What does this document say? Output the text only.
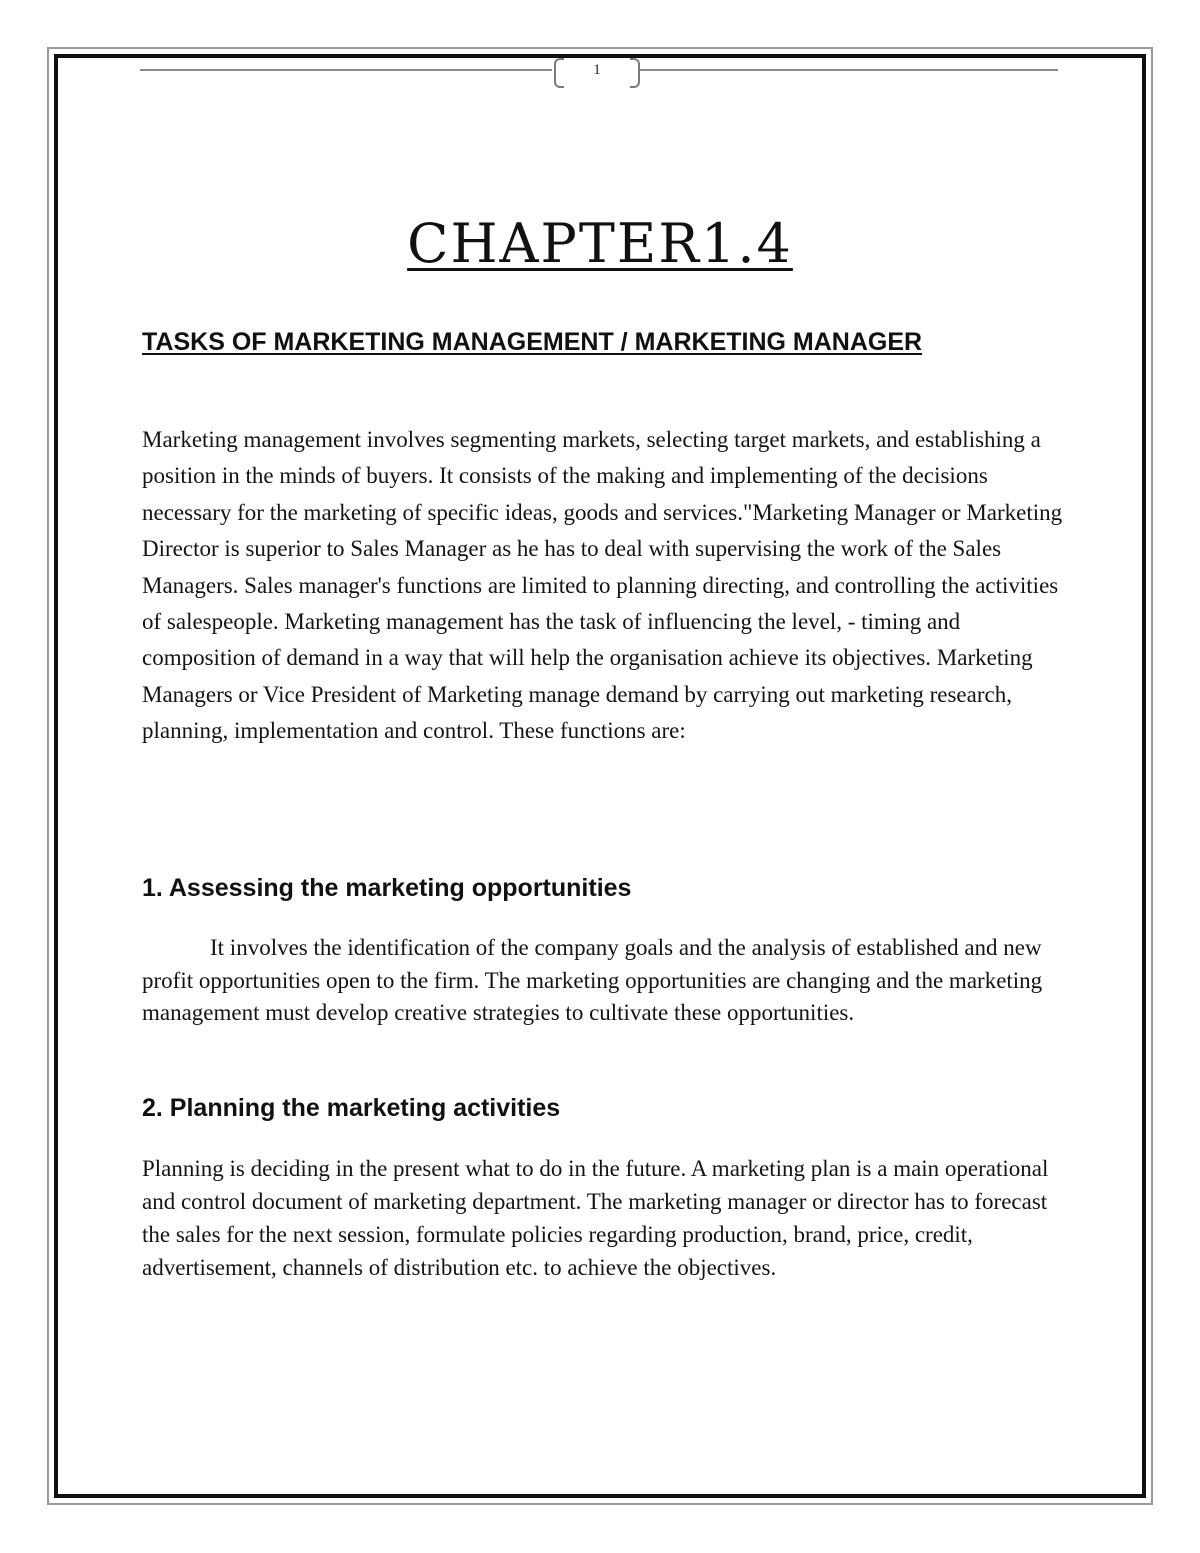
1
CHAPTER1.4
TASKS OF MARKETING MANAGEMENT / MARKETING MANAGER

Marketing management involves segmenting markets, selecting target markets, and establishing a position in the minds of buyers. It consists of the making and implementing of the decisions necessary for the marketing of specific ideas, goods and services."Marketing Manager or Marketing Director is superior to Sales Manager as he has to deal with supervising the work of the Sales Managers. Sales manager's functions are limited to planning directing, and controlling the activities of salespeople. Marketing management has the task of influencing the level, - timing and composition of demand in a way that will help the organisation achieve its objectives. Marketing Managers or Vice President of Marketing manage demand by carrying out marketing research, planning, implementation and control. These functions are:

1. Assessing the marketing opportunities

It involves the identification of the company goals and the analysis of established and new profit opportunities open to the firm. The marketing opportunities are changing and the marketing management must develop creative strategies to cultivate these opportunities.

2. Planning the marketing activities

Planning is deciding in the present what to do in the future. A marketing plan is a main operational and control document of marketing department. The marketing manager or director has to forecast the sales for the next session, formulate policies regarding production, brand, price, credit, advertisement, channels of distribution etc. to achieve the objectives.
